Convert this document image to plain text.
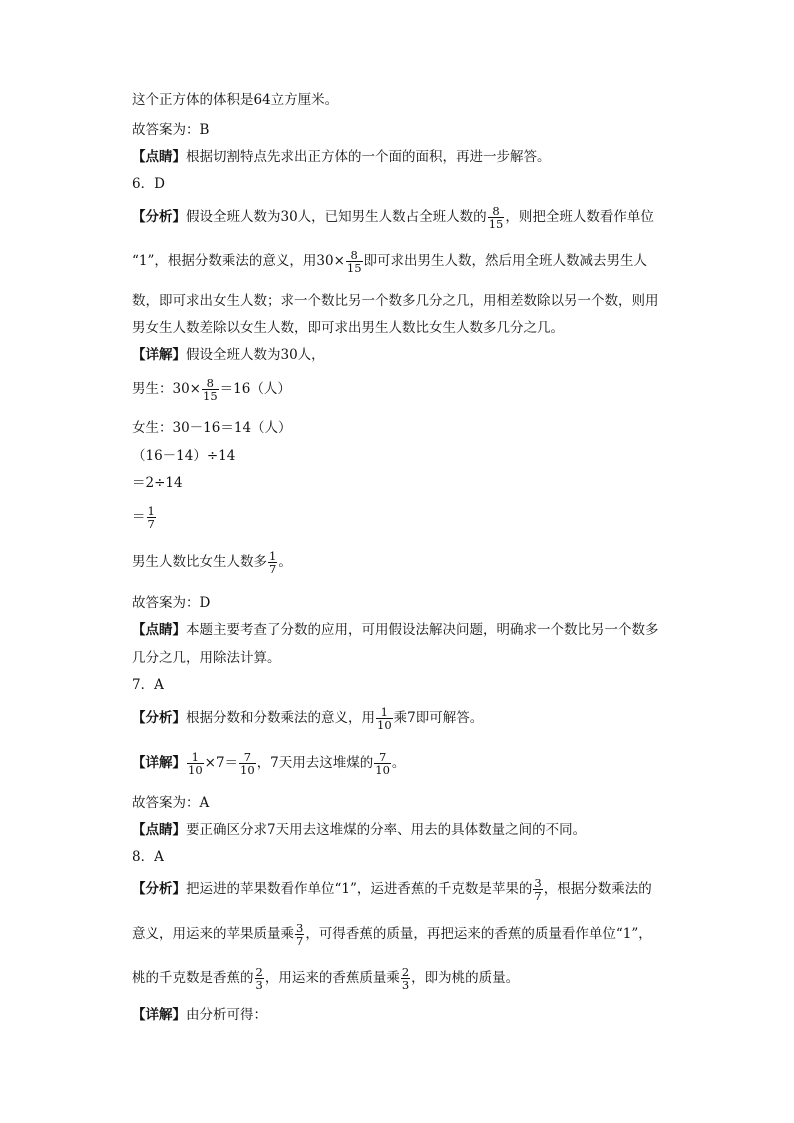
这个正方体的体积是64立方厘米。
故答案为：B
【点睛】根据切割特点先求出正方体的一个面的面积，再进一步解答。
6．D
【分析】假设全班人数为30人，已知男生人数占全班人数的 $\frac{8}{15}$ ，则把全班人数看作单位
“1”，根据分数乘法的意义，用$30\times \frac{8}{15}$ 即可求出男生人数，然后用全班人数减去男生人
数，即可求出女生人数；求一个数比另一个数多几分之几，用相差数除以另一个数，则用
男女生人数差除以女生人数，即可求出男生人数比女生人数多几分之几。
【详解】假设全班人数为30人，
男生：$30\times \frac{8}{15} =16$（人）
女生：30－16＝14（人）
（16－14）÷14
＝2÷14
＝ $\frac{1}{7}$
男生人数比女生人数多 $\frac{1}{7}$ 。
故答案为：D
【点睛】本题主要考查了分数的应用，可用假设法解决问题，明确求一个数比另一个数多
几分之几，用除法计算。
7．A
【分析】根据分数和分数乘法的意义，用 $\frac{1}{10}$ 乘7即可解答。
【详解】 $\frac{1}{10} \times 7= \frac{7}{10}$ ，7天用去这堆煤的 $\frac{7}{10}$ 。
故答案为：A
【点睛】要正确区分求7天用去这堆煤的分率、用去的具体数量之间的不同。
8．A
【分析】把运进的苹果数看作单位“1”，运进香蕉的千克数是苹果的 $\frac{3}{7}$ ，根据分数乘法的
意义，用运来的苹果质量乘 $\frac{3}{7}$ ，可得香蕉的质量，再把运来的香蕉的质量看作单位“1”，
桃的千克数是香蕉的 $\frac{2}{3}$ ，用运来的香蕉质量乘 $\frac{2}{3}$ ，即为桃的质量。
【详解】由分析可得：
